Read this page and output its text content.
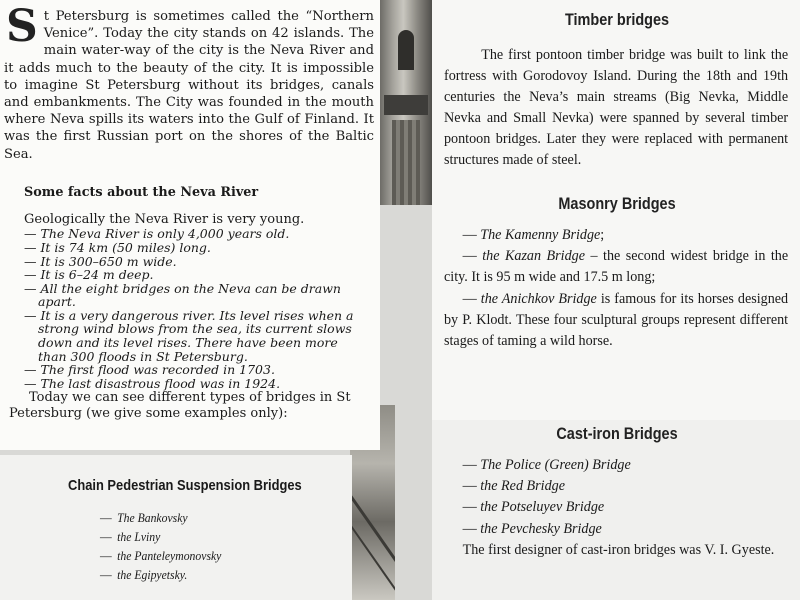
St Petersburg is sometimes called the “Northern Venice”. Today the city stands on 42 islands. The main water-way of the city is the Neva River and it adds much to the beauty of the city. It is impossible to imagine St Petersburg without its bridges, canals and embankments. The City was founded in the mouth where Neva spills its waters into the Gulf of Finland. It was the first Russian port on the shores of the Baltic Sea.

Some facts about the Neva River

Geologically the Neva River is very young.

— The Neva River is only 4,000 years old.
— It is 74 km (50 miles) long.
— It is 300–650 m wide.
— It is 6–24 m deep.
— All the eight bridges on the Neva can be drawn apart.
— It is a very dangerous river. Its level rises when a strong wind blows from the sea, its current slows down and its level rises. There have been more than 300 floods in St Petersburg.
— The first flood was recorded in 1703.
— The last disastrous flood was in 1924.

Today we can see different types of bridges in St Petersburg (we give some examples only):

Chain Pedestrian Suspension Bridges
— The Bankovsky
— the Lviny
— the Panteleymonovsky
— the Egipyetsky.
Timber bridges

The first pontoon timber bridge was built to link the fortress with Gorodovoy Island. During the 18th and 19th centuries the Neva’s main streams (Big Nevka, Middle Nevka and Small Nevka) were spanned by several timber pontoon bridges. Later they were replaced with permanent structures made of steel.

Masonry Bridges
— The Kamenny Bridge;
— the Kazan Bridge – the second widest bridge in the city. It is 95 m wide and 17.5 m long;
— the Anichkov Bridge is famous for its horses designed by P. Klodt. These four sculptural groups represent different stages of taming a wild horse.
Cast-iron Bridges
— The Police (Green) Bridge
— the Red Bridge
— the Potseluyev Bridge
— the Pevchesky Bridge

The first designer of cast-iron bridges was V. I. Gyeste.
